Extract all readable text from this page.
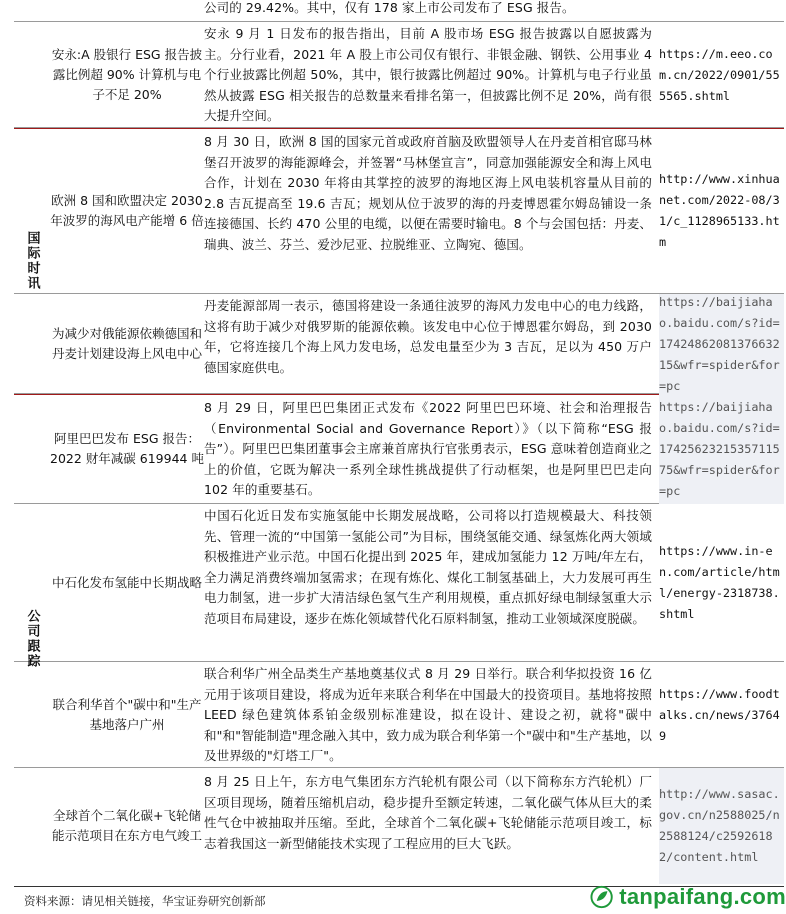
公司的 29.42%。其中，仅有 178 家上市公司发布了 ESG 报告。
安永:A 股银行 ESG 报告披露比例超 90% 计算机与电子不足 20%
安永 9 月 1 日发布的报告指出，目前 A 股市场 ESG 报告披露以自愿披露为主。分行业看，2021 年 A 股上市公司仅有银行、非银金融、钢铁、公用事业 4 个行业披露比例超 50%，其中，银行披露比例超过 90%。计算机与电子行业虽然从披露 ESG 相关报告的总数量来看排名第一，但披露比例不足 20%，尚有很大提升空间。
https://m.eeo.com.cn/2022/0901/555565.shtml
欧洲 8 国和欧盟决定 2030 年波罗的海风电产能增 6 倍
8 月 30 日，欧洲 8 国的国家元首或政府首脑及欧盟领导人在丹麦首相官邸马林堡召开波罗的海能源峰会，并签署“马林堡宣言”，同意加强能源安全和海上风电合作，计划在 2030 年将由其掌控的波罗的海地区海上风电装机容量从目前的 2.8 吉瓦提高至 19.6 吉瓦；规划从位于波罗的海的丹麦博恩霍尔姆岛铺设一条连接德国、长约 470 公里的电缆，以便在需要时输电。8 个与会国包括：丹麦、瑞典、波兰、芬兰、爱沙尼亚、拉脱维亚、立陶宛、德国。
http://www.xinhuanet.com/2022-08/31/c_1128965133.htm
为减少对俄能源依赖德国和丹麦计划建设海上风电中心
丹麦能源部周一表示，德国将建设一条通往波罗的海风力发电中心的电力线路，这将有助于减少对俄罗斯的能源依赖。该发电中心位于博恩霍尔姆岛，到 2030 年，它将连接几个海上风力发电场，总发电量至少为 3 吉瓦，足以为 450 万户德国家庭供电。
https://baijiahao.baidu.com/s?id=1742486208137663215&wfr=spider&for=pc
阿里巴巴发布 ESG 报告：2022 财年减碳 619944 吨
8 月 29 日，阿里巴巴集团正式发布《2022 阿里巴巴环境、社会和治理报告（Environmental Social and Governance Report）》（以下简称“ESG 报告”）。阿里巴巴集团董事会主席兼首席执行官张勇表示，ESG 意味着创造商业之上的价值，它既为解决一系列全球性挑战提供了行动框架，也是阿里巴巴走向 102 年的重要基石。
https://baijiahao.baidu.com/s?id=1742562321535711575&wfr=spider&for=pc
中石化发布氢能中长期战略
中国石化近日发布实施氢能中长期发展战略，公司将以打造规模最大、科技领先、管理一流的“中国第一氢能公司”为目标，围绕氢能交通、绿氢炼化两大领域积极推进产业示范。中国石化提出到 2025 年，建成加氢能力 12 万吨/年左右，全力满足消费终端加氢需求；在现有炼化、煤化工制氢基础上，大力发展可再生电力制氢，进一步扩大清洁绿色氢气生产利用规模，重点抓好绿电制绿氢重大示范项目布局建设，逐步在炼化领域替代化石原料制氢，推动工业领域深度脱碳。
https://www.in-en.com/article/html/energy-2318738.shtml
联合利华首个"碳中和"生产基地落户广州
联合利华广州全品类生产基地奠基仪式 8 月 29 日举行。联合利华拟投资 16 亿元用于该项目建设，将成为近年来联合利华在中国最大的投资项目。基地将按照 LEED 绿色建筑体系铂金级别标准建设，拟在设计、建设之初，就将"碳中和"和"智能制造"理念融入其中，致力成为联合利华第一个"碳中和"生产基地，以及世界级的"灯塔工厂"。
https://www.foodtalks.cn/news/37649
全球首个二氧化碳+飞轮储能示范项目在东方电气竣工
8 月 25 日上午，东方电气集团东方汽轮机有限公司（以下简称东方汽轮机）厂区项目现场，随着压缩机启动，稳步提升至额定转速，二氧化碳气体从巨大的柔性气仓中被抽取并压缩。至此，全球首个二氧化碳+飞轮储能示范项目竣工，标志着我国这一新型储能技术实现了工程应用的巨大飞跃。
http://www.sasac.gov.cn/n2588025/n2588124/c25926182/content.html
国际时讯
公司跟踪
资料来源：请见相关链接，华宝证券研究创新部	tanpaifang.com
